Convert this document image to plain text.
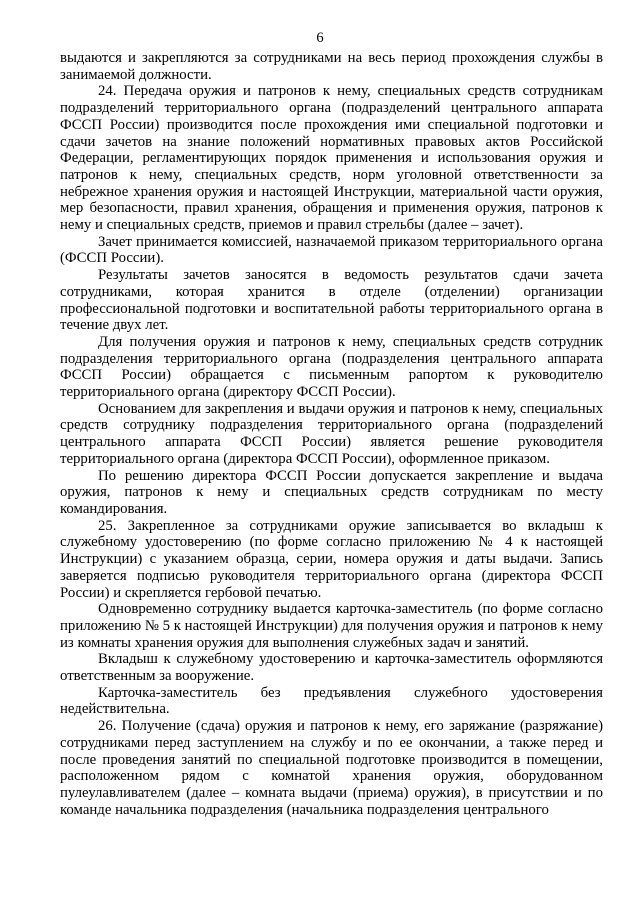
6

выдаются и закрепляются за сотрудниками на весь период прохождения службы в занимаемой должности.

24. Передача оружия и патронов к нему, специальных средств сотрудникам подразделений территориального органа (подразделений центрального аппарата ФССП России) производится после прохождения ими специальной подготовки и сдачи зачетов на знание положений нормативных правовых актов Российской Федерации, регламентирующих порядок применения и использования оружия и патронов к нему, специальных средств, норм уголовной ответственности за небрежное хранения оружия и настоящей Инструкции, материальной части оружия, мер безопасности, правил хранения, обращения и применения оружия, патронов к нему и специальных средств, приемов и правил стрельбы (далее – зачет).

Зачет принимается комиссией, назначаемой приказом территориального органа (ФССП России).

Результаты зачетов заносятся в ведомость результатов сдачи зачета сотрудниками, которая хранится в отделе (отделении) организации профессиональной подготовки и воспитательной работы территориального органа в течение двух лет.

Для получения оружия и патронов к нему, специальных средств сотрудник подразделения территориального органа (подразделения центрального аппарата ФССП России) обращается с письменным рапортом к руководителю территориального органа (директору ФССП России).

Основанием для закрепления и выдачи оружия и патронов к нему, специальных средств сотруднику подразделения территориального органа (подразделений центрального аппарата ФССП России) является решение руководителя территориального органа (директора ФССП России), оформленное приказом.

По решению директора ФССП России допускается закрепление и выдача оружия, патронов к нему и специальных средств сотрудникам по месту командирования.

25. Закрепленное за сотрудниками оружие записывается во вкладыш к служебному удостоверению (по форме согласно приложению № 4 к настоящей Инструкции) с указанием образца, серии, номера оружия и даты выдачи. Запись заверяется подписью руководителя территориального органа (директора ФССП России) и скрепляется гербовой печатью.

Одновременно сотруднику выдается карточка-заместитель (по форме согласно приложению № 5 к настоящей Инструкции) для получения оружия и патронов к нему из комнаты хранения оружия для выполнения служебных задач и занятий.

Вкладыш к служебному удостоверению и карточка-заместитель оформляются ответственным за вооружение.

Карточка-заместитель без предъявления служебного удостоверения недействительна.

26. Получение (сдача) оружия и патронов к нему, его заряжание (разряжание) сотрудниками перед заступлением на службу и по ее окончании, а также перед и после проведения занятий по специальной подготовке производится в помещении, расположенном рядом с комнатой хранения оружия, оборудованном пулеулавливателем (далее – комната выдачи (приема) оружия), в присутствии и по команде начальника подразделения (начальника подразделения центрального
